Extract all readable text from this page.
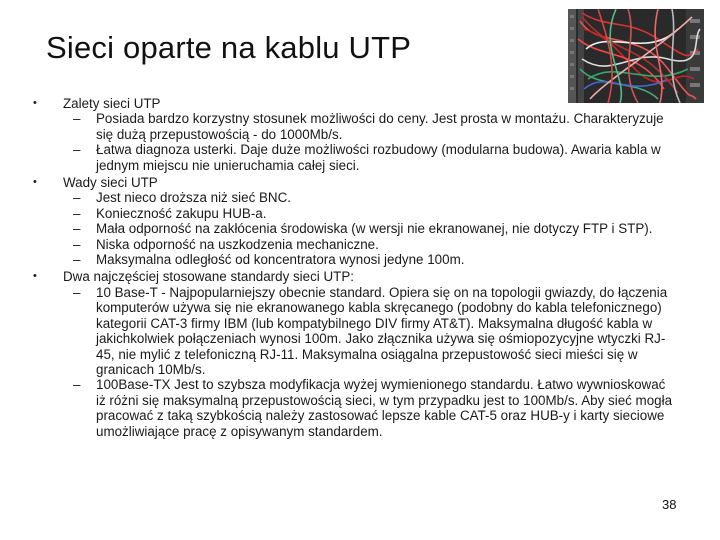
Sieci oparte na kablu UTP
• Zalety sieci UTP
– Posiada bardzo korzystny stosunek możliwości do ceny. Jest prosta w montażu. Charakteryzuje się dużą przepustowością - do 1000Mb/s.
– Łatwa diagnoza usterki. Daje duże możliwości rozbudowy (modularna budowa). Awaria kabla w jednym miejscu nie unieruchamia całej sieci.
• Wady sieci UTP
– Jest nieco droższa niż sieć BNC.
– Konieczność zakupu HUB-a.
– Mała odporność na zakłócenia środowiska (w wersji nie ekranowanej, nie dotyczy FTP i STP).
– Niska odporność na uszkodzenia mechaniczne.
– Maksymalna odległość od koncentratora wynosi jedyne 100m.
• Dwa najczęściej stosowane standardy sieci UTP:
– 10 Base-T - Najpopularniejszy obecnie standard. Opiera się on na topologii gwiazdy, do łączenia komputerów używa się nie ekranowanego kabla skręcanego (podobny do kabla telefonicznego) kategorii CAT-3 firmy IBM (lub kompatybilnego DIV firmy AT&T). Maksymalna długość kabla w jakichkolwiek połączeniach wynosi 100m. Jako złącznika używa się ośmiopozycyjne wtyczki RJ-45, nie mylić z telefoniczną RJ-11. Maksymalna osiągalna przepustowość sieci mieści się w granicach 10Mb/s.
– 100Base-TX Jest to szybsza modyfikacja wyżej wymienionego standardu. Łatwo wywnioskować iż różni się maksymalną przepustowością sieci, w tym przypadku jest to 100Mb/s. Aby sieć mogła pracować z taką szybkością należy zastosować lepsze kable CAT-5 oraz HUB-y i karty sieciowe umożliwiające pracę z opisywanym standardem.
38
